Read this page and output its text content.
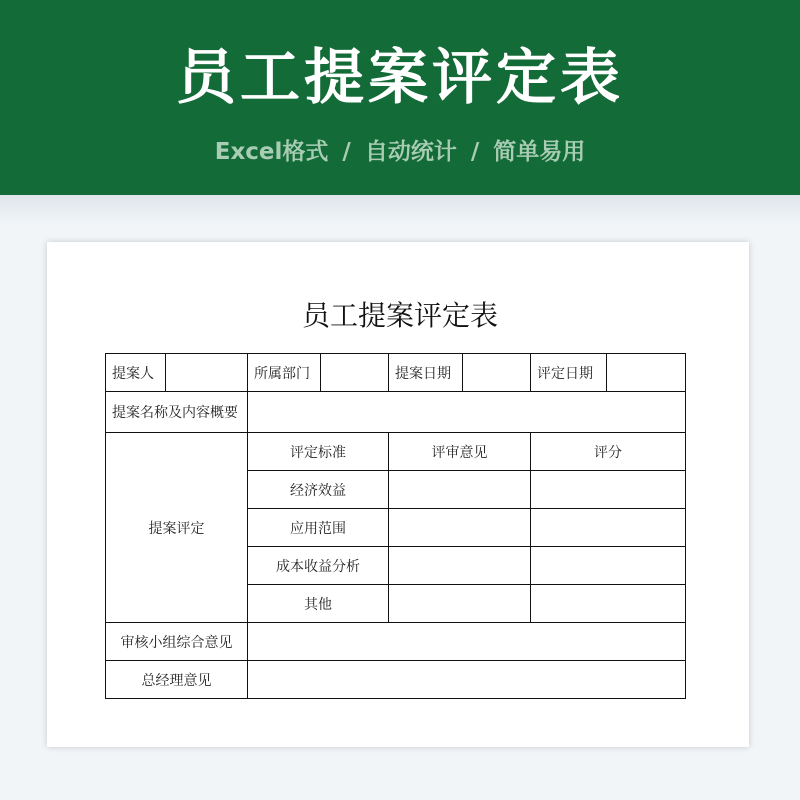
员工提案评定表
Excel格式 / 自动统计 / 简单易用
员工提案评定表
提案人		所属部门		提案日期		评定日期	
提案名称及内容概要							
提案评定		评定标准		评审意见		评分	
		经济效益					
		应用范围					
		成本收益分析					
		其他					
审核小组综合意见							
总经理意见							
